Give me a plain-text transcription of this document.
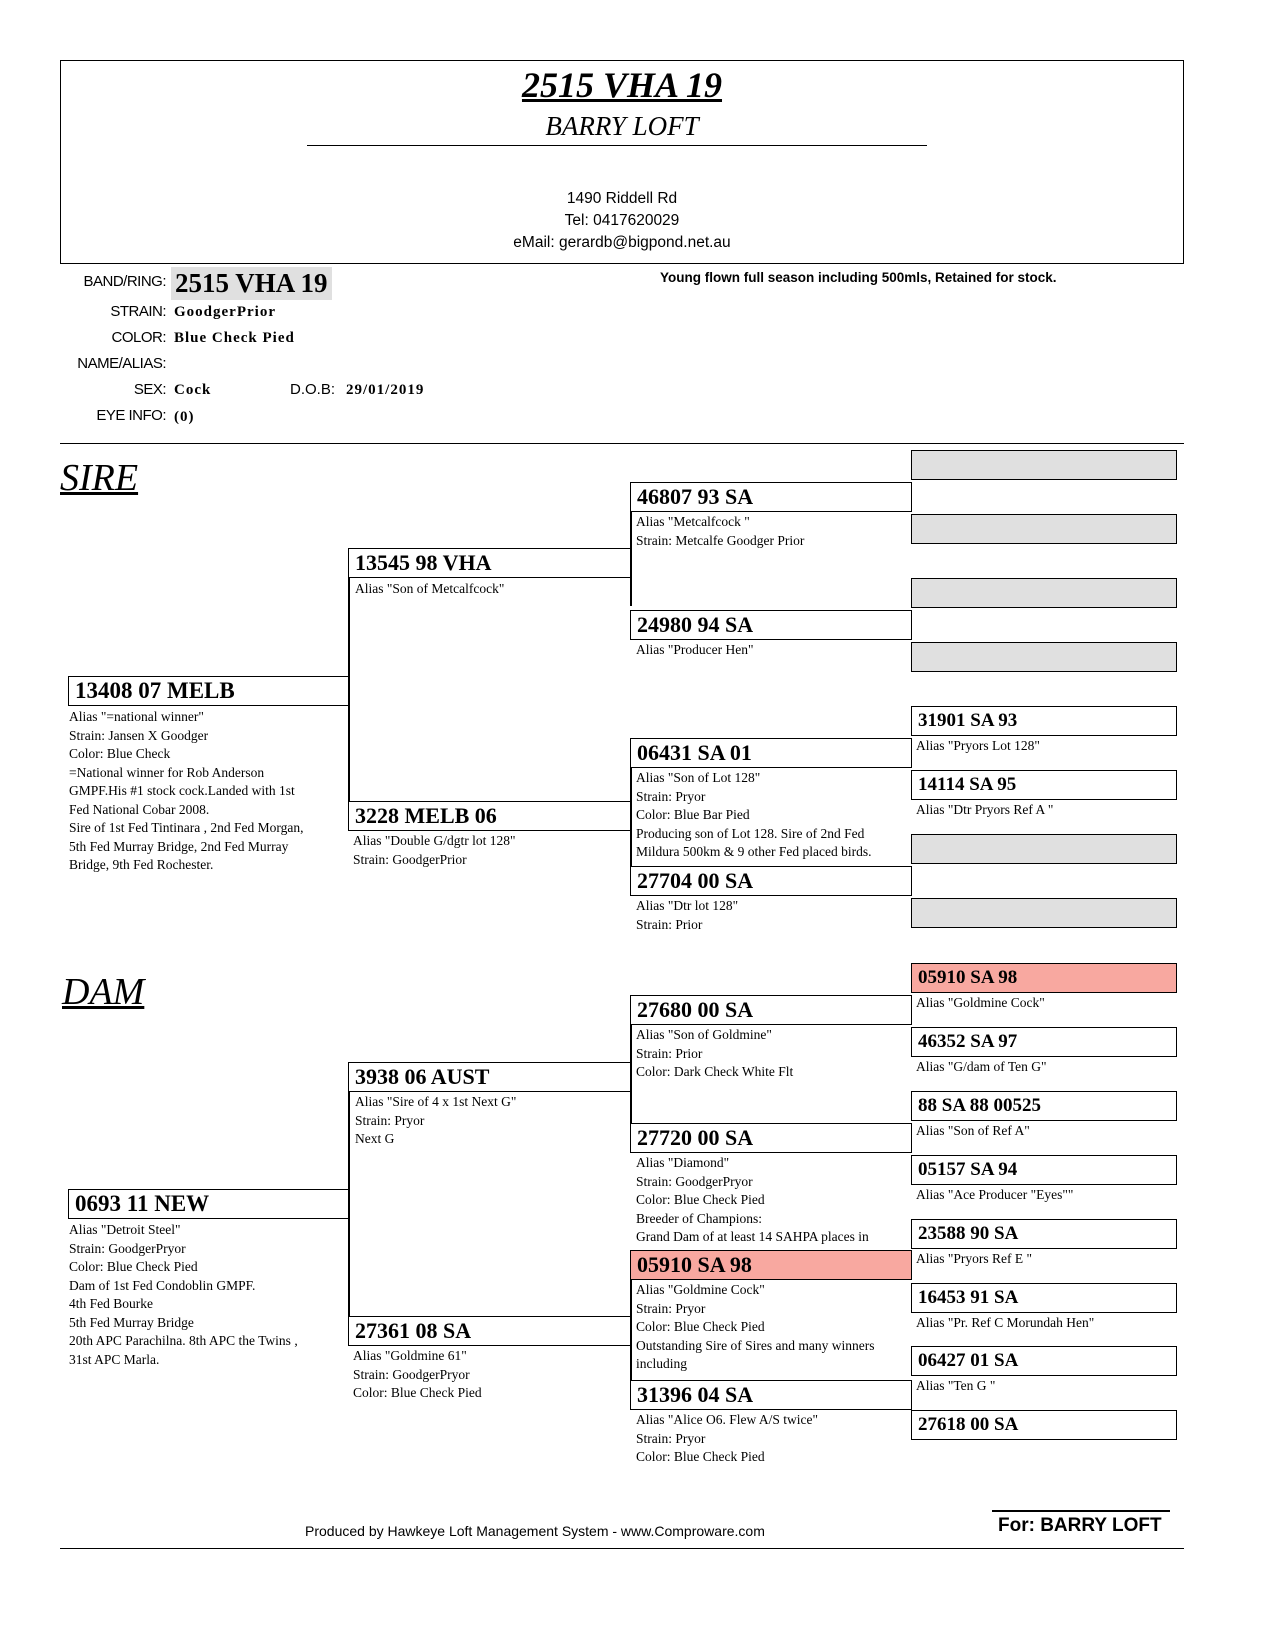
2515 VHA 19
BARRY LOFT
1490 Riddell Rd
Tel: 0417620029
eMail: gerardb@bigpond.net.au
BAND/RING: 2515 VHA 19
STRAIN: GoodgerPrior
COLOR: Blue Check Pied
NAME/ALIAS:
SEX: Cock	D.O.B: 29/01/2019
EYE INFO: (0)
Young flown full season including 500mls, Retained for stock.
SIRE
DAM
13408 07 MELB
Alias "=national winner"
Strain: Jansen X Goodger
Color: Blue Check
=National winner for Rob Anderson
GMPF.His #1 stock cock.Landed with 1st
Fed National Cobar 2008.
Sire of 1st Fed Tintinara , 2nd Fed Morgan,
5th Fed Murray Bridge, 2nd Fed Murray
Bridge, 9th Fed Rochester.
13545 98 VHA
Alias "Son of Metcalfcock"
3228 MELB 06
Alias "Double G/dgtr lot 128"
Strain: GoodgerPrior
46807 93 SA
Alias "Metcalfcock "
Strain: Metcalfe Goodger Prior
24980 94 SA
Alias "Producer Hen"
06431 SA 01
Alias "Son of Lot 128"
Strain: Pryor
Color: Blue Bar Pied
Producing son of Lot 128. Sire of 2nd Fed
Mildura 500km & 9 other Fed placed birds.
27704 00 SA
Alias "Dtr lot 128"
Strain: Prior
31901 SA 93
Alias "Pryors Lot 128"
14114 SA 95
Alias "Dtr Pryors Ref A "
0693 11 NEW
Alias "Detroit Steel"
Strain: GoodgerPryor
Color: Blue Check Pied
Dam of 1st Fed Condoblin GMPF.
4th Fed Bourke
5th Fed Murray Bridge
20th APC Parachilna. 8th APC the Twins ,
31st APC Marla.
3938 06 AUST
Alias "Sire of 4 x 1st Next G"
Strain: Pryor
Next G
27361 08 SA
Alias "Goldmine 61"
Strain: GoodgerPryor
Color: Blue Check Pied
27680 00 SA
Alias "Son of Goldmine"
Strain: Prior
Color: Dark Check White Flt
27720 00 SA
Alias "Diamond"
Strain: GoodgerPryor
Color: Blue Check Pied
Breeder of Champions:
Grand Dam of at least 14 SAHPA places in
05910 SA 98
Alias "Goldmine Cock"
Strain: Pryor
Color: Blue Check Pied
Outstanding Sire of Sires and many winners
including
31396 04 SA
Alias "Alice O6. Flew A/S twice"
Strain: Pryor
Color: Blue Check Pied
05910 SA 98
Alias "Goldmine Cock"
46352 SA 97
Alias "G/dam of Ten G"
88 SA 88 00525
Alias "Son of Ref A"
05157 SA 94
Alias "Ace Producer "Eyes""
23588 90 SA
Alias "Pryors Ref E "
16453 91 SA
Alias "Pr. Ref C Morundah Hen"
06427 01 SA
Alias "Ten G "
27618 00 SA
Produced by Hawkeye Loft Management System - www.Comproware.com	For: BARRY LOFT
